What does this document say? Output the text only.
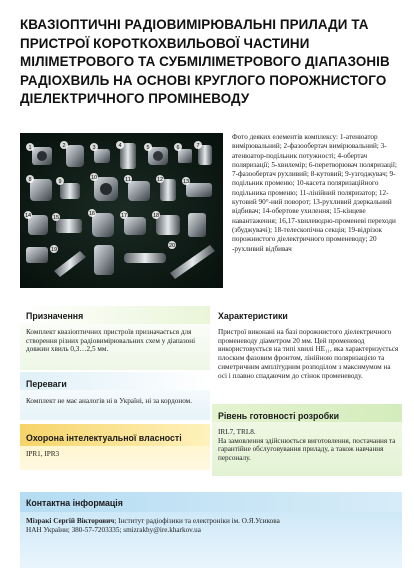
КВАЗІОПТИЧНІ РАДІОВИМІРЮВАЛЬНІ ПРИЛАДИ ТА ПРИСТРОЇ КОРОТКОХВИЛЬОВОЇ ЧАСТИНИ МІЛІМЕТРОВОГО ТА СУБМІЛІМЕТРОВОГО ДІАПАЗОНІВ РАДІОХВИЛЬ НА ОСНОВІ КРУГЛОГО ПОРОЖНИСТОГО ДІЕЛЕКТРИЧНОГО ПРОМІНЕВОДУ
1	2	3	4	5	6	7
8	9
10	11	12	13
14	15
16	17	18
19
20
Фото деяких елементів комплексу: 1-атенюатор вимірювальний; 2-фазообертач вимірювальний; 3-атенюатор-подільник потужності; 4-обертач поляризації; 5-хвилемір; 6-перетворювач поляризації; 7-фазообертач рухливий; 8-кутовий; 9-узгоджувач; 9-подільник променю; 10-касета поляризаційного подільника променю; 11-лінійний поляризатор; 12-кутовий 90°-ний поворот; 13-рухливий дзеркальний відбивач; 14-обертове ухилення; 15-кінцеве навантаження; 16,17-хвилеводно-променеві переходи (збуджувачі); 18-телескопічна секція; 19-відрізок порожнистого діелектричного променеводу; 20 -рухливий відбивач
Призначення
Комплект квазіоптичних пристроїв призначається для створення різних радіовимірювальних схем у діапазоні довжин хвиль 0,3…2,5 мм.
Переваги
Комплект не має аналогів ні в Україні, ні за кордоном.
Охорона інтелектуальної власності
IPR1, IPR3
Характеристики
Пристрої виконані на базі порожнистого діелектричного променеводу діаметром 20 мм. Цей променевод використовується на типі хвилі HE₁₁, яка характеризується плоским фазовим фронтом, лінійною поляризацією та симетричним амплітудним розподілом з максимумом на осі і плавно спадаючим до стінок променеводу.
Рівень готовності розробки
IRL7, TRL8.
На замовлення здійснюється виготовлення, постачання та гарантійне обслуговування приладу, а також навчання персоналу.
Контактна інформація
Мізракі Сергій Вікторович; Інститут радіофізики та електроніки ім. О.Я.Усикова
НАН України; 380-57-7203335; smizrakhy@ire.kharkov.ua
